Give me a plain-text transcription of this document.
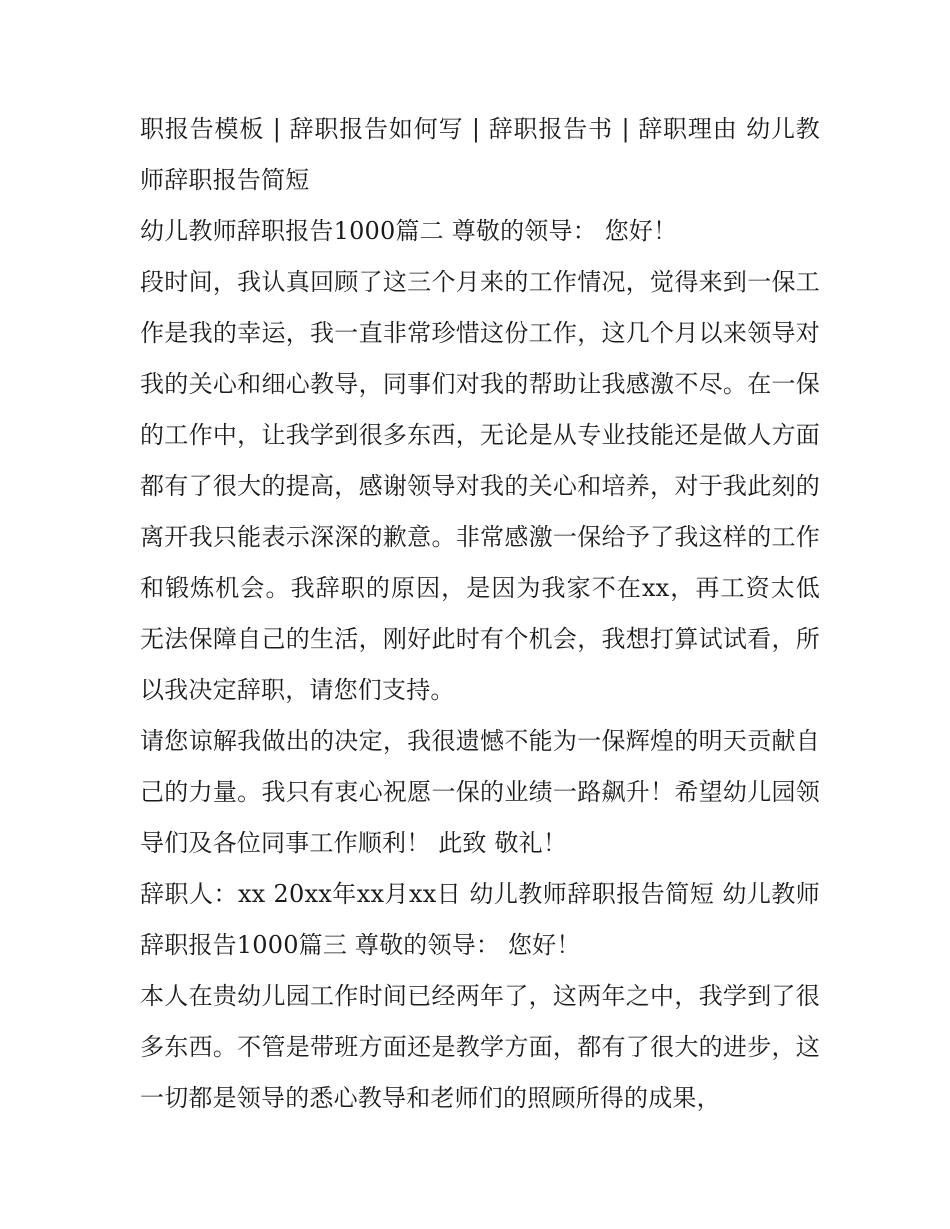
职报告模板 | 辞职报告如何写 | 辞职报告书 | 辞职理由 幼儿教师辞职报告简短

幼儿教师辞职报告1000篇二 尊敬的领导： 您好！

段时间，我认真回顾了这三个月来的工作情况，觉得来到一保工作是我的幸运，我一直非常珍惜这份工作，这几个月以来领导对我的关心和细心教导，同事们对我的帮助让我感激不尽。在一保的工作中，让我学到很多东西，无论是从专业技能还是做人方面都有了很大的提高，感谢领导对我的关心和培养，对于我此刻的离开我只能表示深深的歉意。非常感激一保给予了我这样的工作和锻炼机会。我辞职的原因，是因为我家不在xx，再工资太低无法保障自己的生活，刚好此时有个机会，我想打算试试看，所以我决定辞职，请您们支持。

请您谅解我做出的决定，我很遗憾不能为一保辉煌的明天贡献自己的力量。我只有衷心祝愿一保的业绩一路飙升！希望幼儿园领导们及各位同事工作顺利！ 此致 敬礼！

辞职人：xx 20xx年xx月xx日 幼儿教师辞职报告简短 幼儿教师辞职报告1000篇三 尊敬的领导： 您好！

本人在贵幼儿园工作时间已经两年了，这两年之中，我学到了很多东西。不管是带班方面还是教学方面，都有了很大的进步，这一切都是领导的悉心教导和老师们的照顾所得的成果，
